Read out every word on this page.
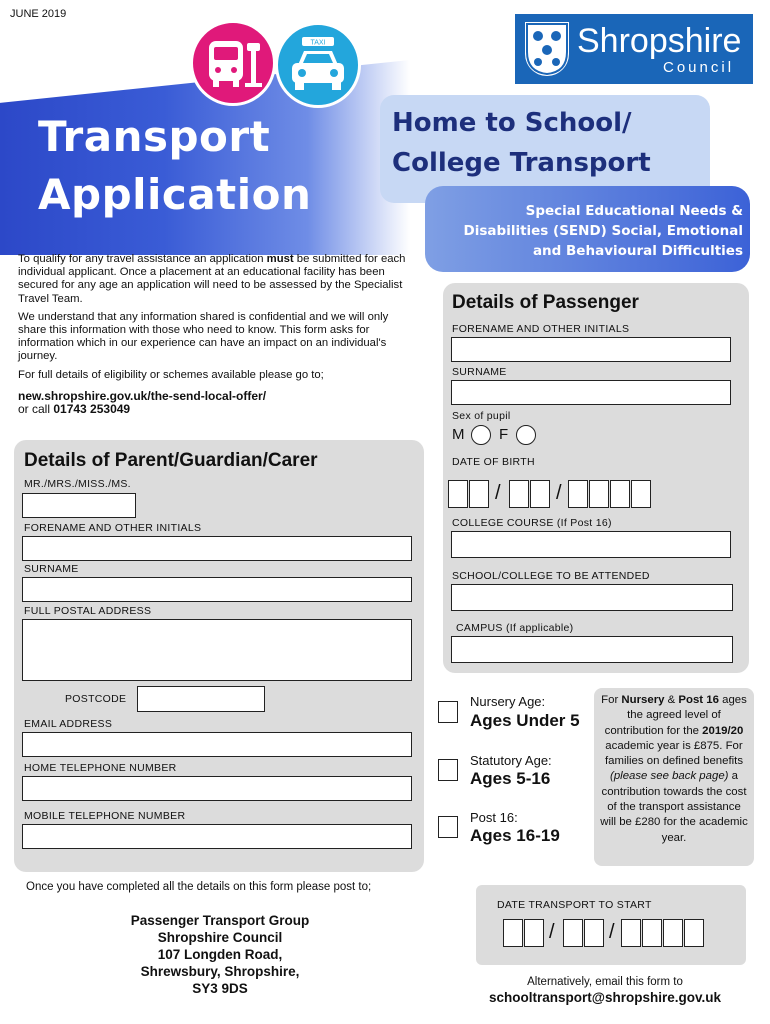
JUNE 2019
Transport
Application
TAXI	Shropshire
Council
Home to School/
College Transport
Special Educational Needs &
Disabilities (SEND) Social, Emotional
and Behavioural Difficulties

To qualify for any travel assistance an application must be submitted for each individual applicant. Once a placement at an educational facility has been secured for any age an application will need to be assessed by the Specialist Travel Team.

We understand that any information shared is confidential and we will only share this information with those who need to know. This form asks for information which in our experience can have an impact on an individual's journey.

For full details of eligibility or schemes available please go to;

new.shropshire.gov.uk/the-send-local-offer/
or call 01743 253049
Details of Parent/Guardian/Carer
MR./MRS./MISS./MS.
FORENAME AND OTHER INITIALS
SURNAME
FULL POSTAL ADDRESS
POSTCODE
EMAIL ADDRESS
HOME TELEPHONE NUMBER
MOBILE TELEPHONE NUMBER
Details of Passenger
FORENAME AND OTHER INITIALS
SURNAME
Sex of pupil
M F
DATE OF BIRTH
/	/
COLLEGE COURSE (If Post 16)
SCHOOL/COLLEGE TO BE ATTENDED
CAMPUS (If applicable)
Nursery Age:
Ages Under 5
Statutory Age:
Ages 5-16
Post 16:
Ages 16-19
For Nursery & Post 16 ages the agreed level of contribution for the 2019/20 academic year is £875. For families on defined benefits (please see back page) a contribution towards the cost of the transport assistance will be £280 for the academic year.
Once you have completed all the details on this form please post to;
Passenger Transport Group
Shropshire Council
107 Longden Road,
Shrewsbury, Shropshire,
SY3 9DS
DATE TRANSPORT TO START
/	/
Alternatively, email this form to
schooltransport@shropshire.gov.uk
